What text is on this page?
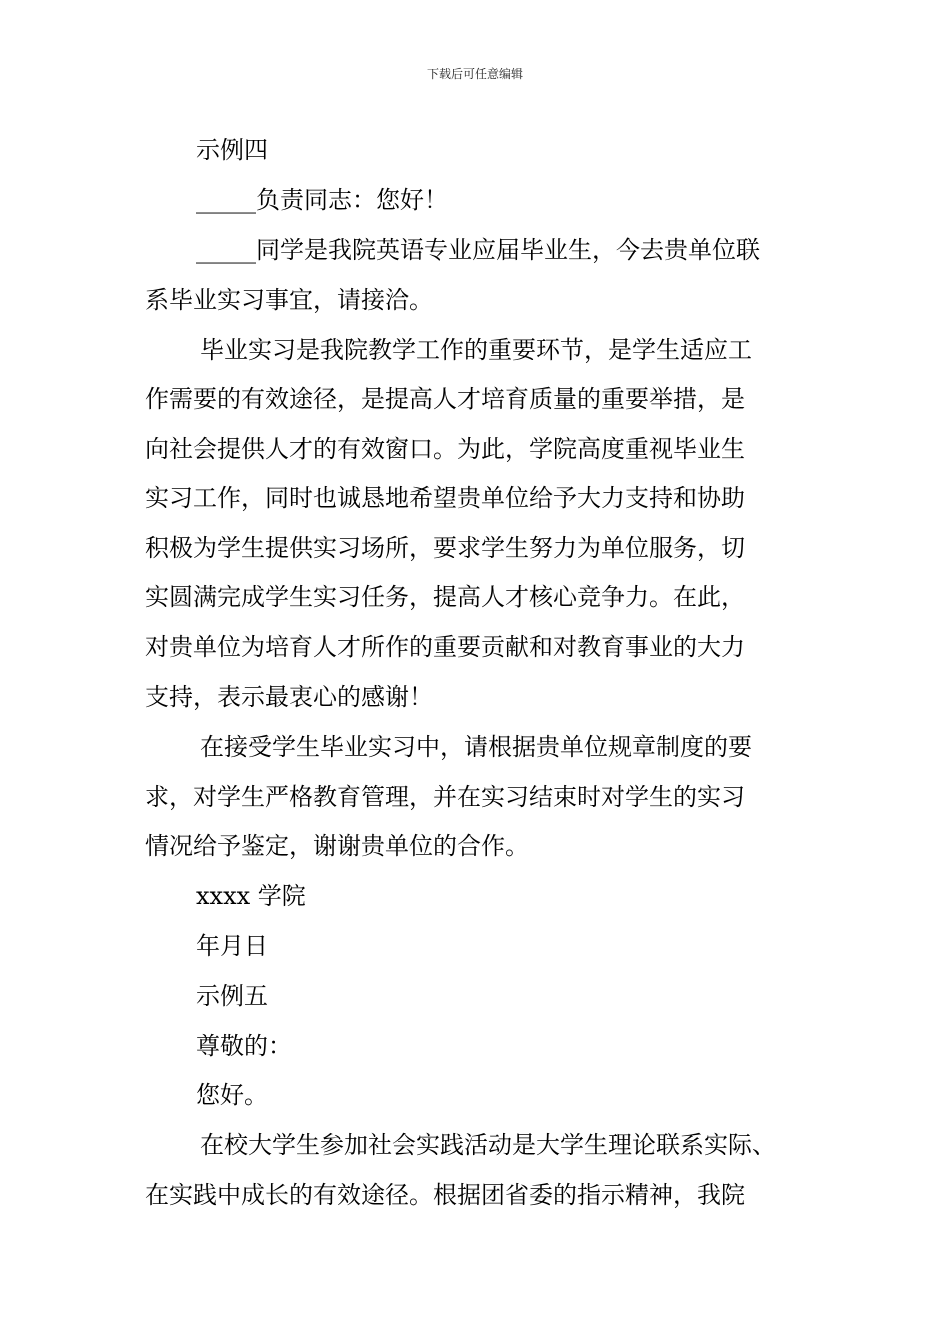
下载后可任意编辑
示例四
_____负责同志：您好！
_____同学是我院英语专业应届毕业生，今去贵单位联
系毕业实习事宜，请接洽。
毕业实习是我院教学工作的重要环节，是学生适应工
作需要的有效途径，是提高人才培育质量的重要举措，是
向社会提供人才的有效窗口。为此，学院高度重视毕业生
实习工作，同时也诚恳地希望贵单位给予大力支持和协助
积极为学生提供实习场所，要求学生努力为单位服务，切
实圆满完成学生实习任务，提高人才核心竞争力。在此，
对贵单位为培育人才所作的重要贡献和对教育事业的大力
支持，表示最衷心的感谢！
在接受学生毕业实习中，请根据贵单位规章制度的要
求，对学生严格教育管理，并在实习结束时对学生的实习
情况给予鉴定，谢谢贵单位的合作。
xxxx 学院
年月日
示例五
尊敬的：
您好。
在校大学生参加社会实践活动是大学生理论联系实际、
在实践中成长的有效途径。根据团省委的指示精神，我院
